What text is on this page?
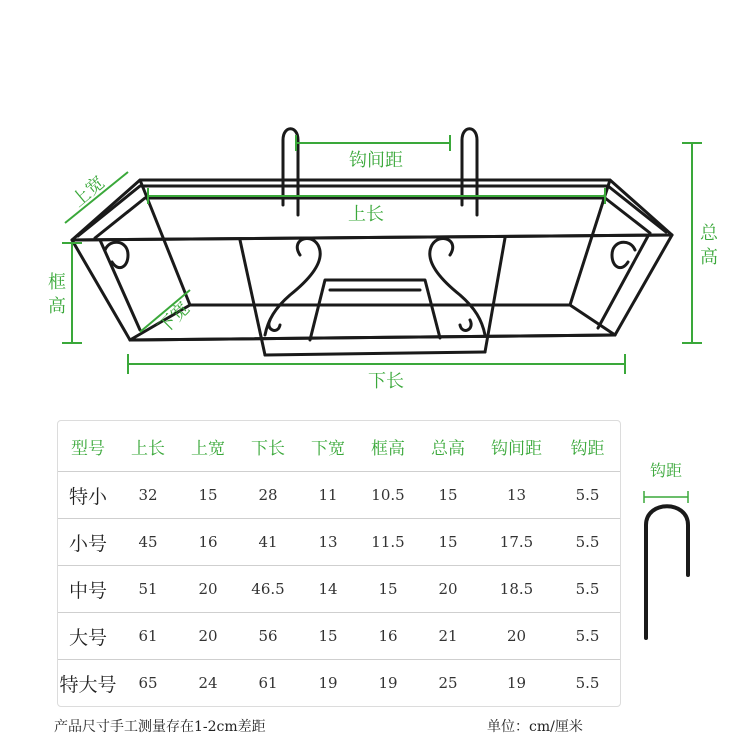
钩间距
上长
下长
上宽
下宽
总高
框高
型号	上长	上宽	下长	下宽	框高	总高	钩间距	钩距
特小	32	15	28	11	10.5	15	13	5.5
小号	45	16	41	13	11.5	15	17.5	5.5
中号	51	20	46.5	14	15	20	18.5	5.5
大号	61	20	56	15	16	21	20	5.5
特大号	65	24	61	19	19	25	19	5.5
钩距
产品尺寸手工测量存在1-2cm差距	单位：cm/厘米
